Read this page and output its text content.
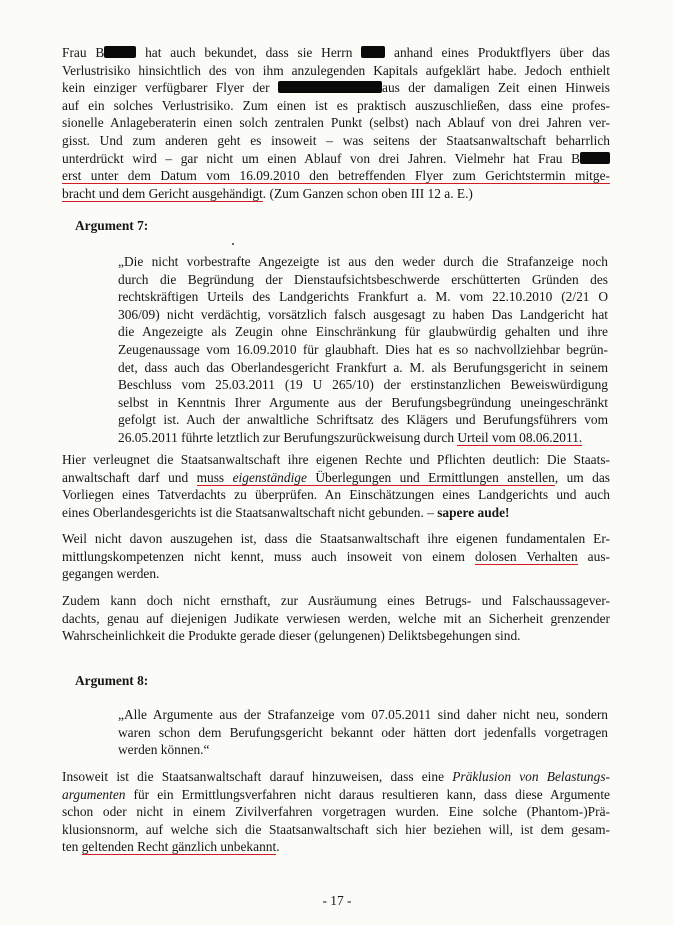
Frau B hat auch bekundet, dass sie Herrn  anhand eines Produktflyers über das
Verlustrisiko hinsichtlich des von ihm anzulegenden Kapitals aufgeklärt habe. Jedoch enthielt
kein einziger verfügbarer Flyer der	aus der damaligen Zeit einen Hinweis
auf ein solches Verlustrisiko. Zum einen ist es praktisch auszuschließen, dass eine profes-
sionelle Anlageberaterin einen solch zentralen Punkt (selbst) nach Ablauf von drei Jahren ver-
gisst. Und zum anderen geht es insoweit – was seitens der Staatsanwaltschaft beharrlich
unterdrückt wird – gar nicht um einen Ablauf von drei Jahren. Vielmehr hat Frau B
erst unter dem Datum vom 16.09.2010 den betreffenden Flyer zum Gerichtstermin mitge-
bracht und dem Gericht ausgehändigt. (Zum Ganzen schon oben III 12 a. E.)
Argument 7:
„Die nicht vorbestrafte Angezeigte ist aus den weder durch die Strafanzeige noch
durch die Begründung der Dienstaufsichtsbeschwerde erschütterten Gründen des
rechtskräftigen Urteils des Landgerichts Frankfurt a. M. vom 22.10.2010 (2/21 O
306/09) nicht verdächtig, vorsätzlich falsch ausgesagt zu haben Das Landgericht hat
die Angezeigte als Zeugin ohne Einschränkung für glaubwürdig gehalten und ihre
Zeugenaussage vom 16.09.2010 für glaubhaft. Dies hat es so nachvollziehbar begrün-
det, dass auch das Oberlandesgericht Frankfurt a. M. als Berufungsgericht in seinem
Beschluss vom 25.03.2011 (19 U 265/10) der erstinstanzlichen Beweiswürdigung
selbst in Kenntnis Ihrer Argumente aus der Berufungsbegründung uneingeschränkt
gefolgt ist. Auch der anwaltliche Schriftsatz des Klägers und Berufungsführers vom
26.05.2011 führte letztlich zur Berufungszurückweisung durch Urteil vom 08.06.2011.
Hier verleugnet die Staatsanwaltschaft ihre eigenen Rechte und Pflichten deutlich: Die Staats-
anwaltschaft darf und muss eigenständige Überlegungen und Ermittlungen anstellen, um das
Vorliegen eines Tatverdachts zu überprüfen. An Einschätzungen eines Landgerichts und auch
eines Oberlandesgerichts ist die Staatsanwaltschaft nicht gebunden. – sapere aude!
Weil nicht davon auszugehen ist, dass die Staatsanwaltschaft ihre eigenen fundamentalen Er-
mittlungskompetenzen nicht kennt, muss auch insoweit von einem dolosen Verhalten aus-
gegangen werden.
Zudem kann doch nicht ernsthaft, zur Ausräumung eines Betrugs- und Falschaussagever-
dachts, genau auf diejenigen Judikate verwiesen werden, welche mit an Sicherheit grenzender
Wahrscheinlichkeit die Produkte gerade dieser (gelungenen) Deliktsbegehungen sind.
Argument 8:
„Alle Argumente aus der Strafanzeige vom 07.05.2011 sind daher nicht neu, sondern
waren schon dem Berufungsgericht bekannt oder hätten dort jedenfalls vorgetragen
werden können.“
Insoweit ist die Staatsanwaltschaft darauf hinzuweisen, dass eine Präklusion von Belastungs-
argumenten für ein Ermittlungsverfahren nicht daraus resultieren kann, dass diese Argumente
schon oder nicht in einem Zivilverfahren vorgetragen wurden. Eine solche (Phantom-)Prä-
klusionsnorm, auf welche sich die Staatsanwaltschaft sich hier beziehen will, ist dem gesam-
ten geltenden Recht gänzlich unbekannt.
- 17 -
